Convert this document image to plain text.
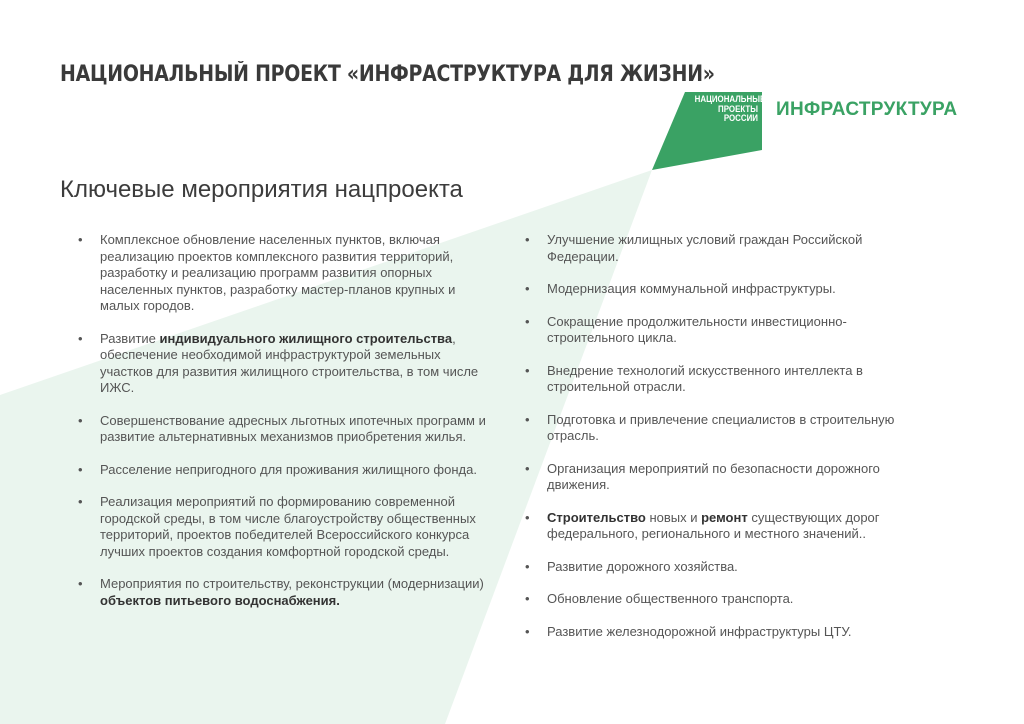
НАЦИОНАЛЬНЫЙ ПРОЕКТ «ИНФРАСТРУКТУРА ДЛЯ ЖИЗНИ»
НАЦИОНАЛЬНЫЕ
ПРОЕКТЫ
РОССИИ ИНФРАСТРУКТУРА
Ключевые мероприятия нацпроекта
• Комплексное обновление населенных пунктов, включая реализацию проектов комплексного развития территорий, разработку и реализацию программ развития опорных населенных пунктов, разработку мастер-планов крупных и малых городов.
• Развитие индивидуального жилищного строительства, обеспечение необходимой инфраструктурой земельных участков для развития жилищного строительства, в том числе ИЖС.
• Совершенствование адресных льготных ипотечных программ и развитие альтернативных механизмов приобретения жилья.
• Расселение непригодного для проживания жилищного фонда.
• Реализация мероприятий по формированию современной городской среды, в том числе благоустройству общественных территорий, проектов победителей Всероссийского конкурса лучших проектов создания комфортной городской среды.
• Мероприятия по строительству, реконструкции (модернизации) объектов питьевого водоснабжения.
• Улучшение жилищных условий граждан Российской Федерации.
• Модернизация коммунальной инфраструктуры.
• Сокращение продолжительности инвестиционно-строительного цикла.
• Внедрение технологий искусственного интеллекта в строительной отрасли.
• Подготовка и привлечение специалистов в строительную отрасль.
• Организация мероприятий по безопасности дорожного движения.
• Строительство новых и ремонт существующих дорог федерального, регионального и местного значений..
• Развитие дорожного хозяйства.
• Обновление общественного транспорта.
• Развитие железнодорожной инфраструктуры ЦТУ.
